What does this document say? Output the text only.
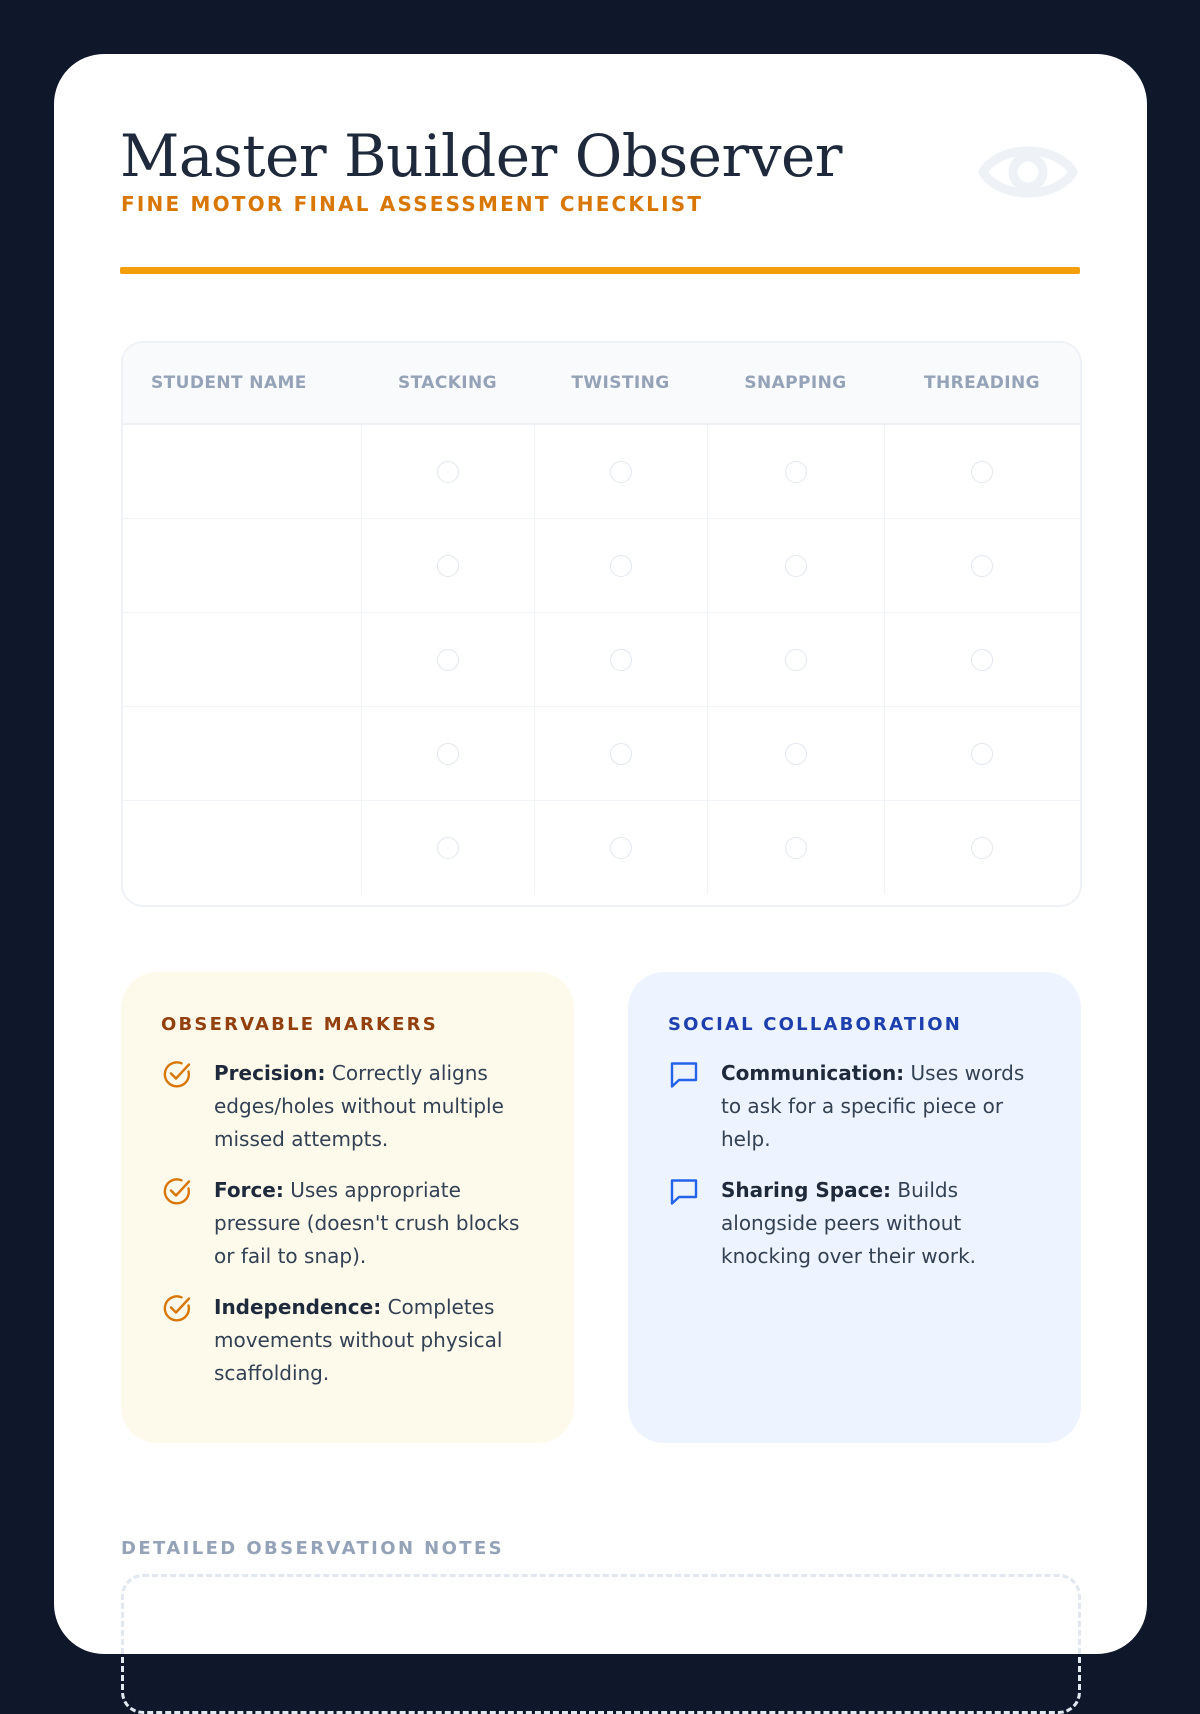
Master Builder Observer
FINE MOTOR FINAL ASSESSMENT CHECKLIST
STUDENT NAME	STACKING	TWISTING	SNAPPING	THREADING

OBSERVABLE MARKERS

Precision: Correctly aligns edges/holes without multiple missed attempts.

Force: Uses appropriate pressure (doesn't crush blocks or fail to snap).

Independence: Completes movements without physical scaffolding.

SOCIAL COLLABORATION

Communication: Uses words to ask for a specific piece or help.

Sharing Space: Builds alongside peers without knocking over their work.

DETAILED OBSERVATION NOTES
